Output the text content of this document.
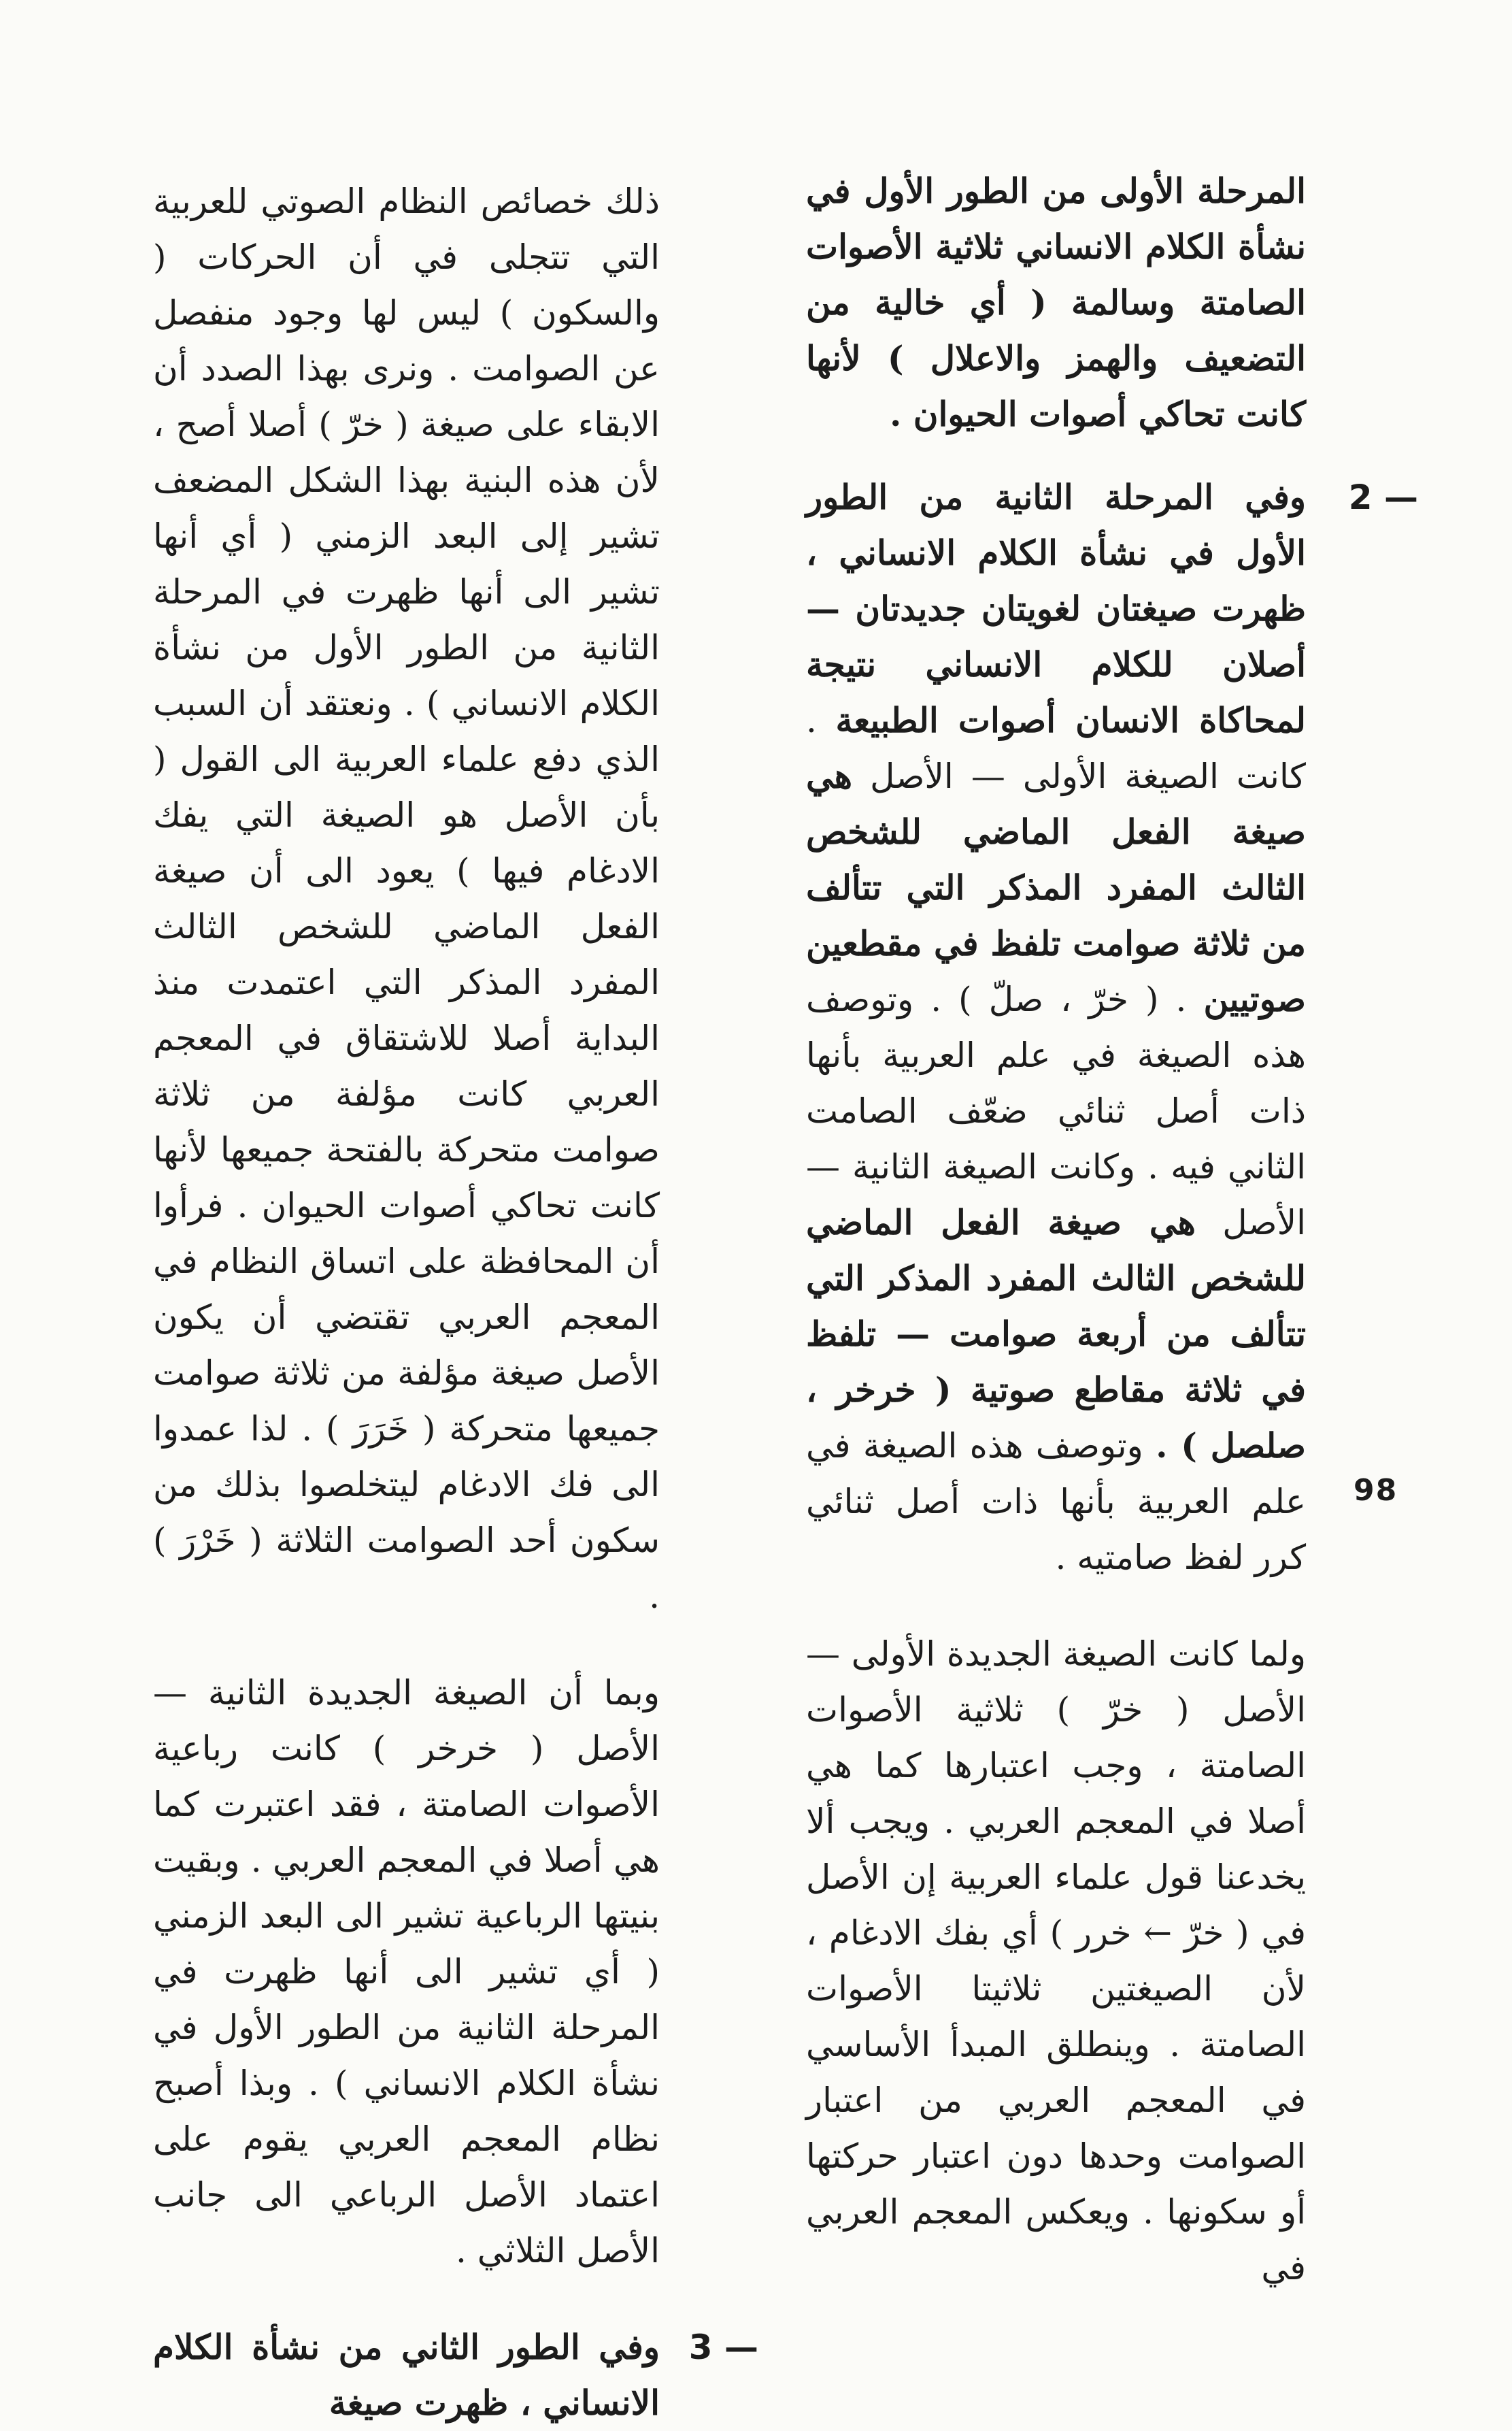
المرحلة الأولى من الطور الأول في نشأة الكلام الانساني ثلاثية الأصوات الصامتة وسالمة ( أي خالية من التضعيف والهمز والاعلال ) لأنها كانت تحاكي أصوات الحيوان .

2 —

وفي المرحلة الثانية من الطور الأول في نشأة الكلام الانساني ، ظهرت صيغتان لغويتان جديدتان — أصلان للكلام الانساني نتيجة لمحاكاة الانسان أصوات الطبيعة . كانت الصيغة الأولى — الأصل هي صيغة الفعل الماضي للشخص الثالث المفرد المذكر التي تتألف من ثلاثة صوامت تلفظ في مقطعين صوتيين . ( خرّ ، صلّ ) . وتوصف هذه الصيغة في علم العربية بأنها ذات أصل ثنائي ضعّف الصامت الثاني فيه . وكانت الصيغة الثانية — الأصل هي صيغة الفعل الماضي للشخص الثالث المفرد المذكر التي تتألف من أربعة صوامت — تلفظ في ثلاثة مقاطع صوتية ( خرخر ، صلصل ) . وتوصف هذه الصيغة في علم العربية بأنها ذات أصل ثنائي كرر لفظ صامتيه .

ولما كانت الصيغة الجديدة الأولى — الأصل ( خرّ ) ثلاثية الأصوات الصامتة ، وجب اعتبارها كما هي أصلا في المعجم العربي . ويجب ألا يخدعنا قول علماء العربية إن الأصل في ( خرّ ← خرر ) أي بفك الادغام ، لأن الصيغتين ثلاثيتا الأصوات الصامتة . وينطلق المبدأ الأساسي في المعجم العربي من اعتبار الصوامت وحدها دون اعتبار حركتها أو سكونها . ويعكس المعجم العربي في

ذلك خصائص النظام الصوتي للعربية التي تتجلى في أن الحركات ( والسكون ) ليس لها وجود منفصل عن الصوامت . ونرى بهذا الصدد أن الابقاء على صيغة ( خرّ ) أصلا أصح ، لأن هذه البنية بهذا الشكل المضعف تشير إلى البعد الزمني ( أي أنها تشير الى أنها ظهرت في المرحلة الثانية من الطور الأول من نشأة الكلام الانساني ) . ونعتقد أن السبب الذي دفع علماء العربية الى القول ( بأن الأصل هو الصيغة التي يفك الادغام فيها ) يعود الى أن صيغة الفعل الماضي للشخص الثالث المفرد المذكر التي اعتمدت منذ البداية أصلا للاشتقاق في المعجم العربي كانت مؤلفة من ثلاثة صوامت متحركة بالفتحة جميعها لأنها كانت تحاكي أصوات الحيوان . فرأوا أن المحافظة على اتساق النظام في المعجم العربي تقتضي أن يكون الأصل صيغة مؤلفة من ثلاثة صوامت جميعها متحركة ( خَرَرَ ) . لذا عمدوا الى فك الادغام ليتخلصوا بذلك من سكون أحد الصوامت الثلاثة ( خَرْرَ ) .

وبما أن الصيغة الجديدة الثانية — الأصل ( خرخر ) كانت رباعية الأصوات الصامتة ، فقد اعتبرت كما هي أصلا في المعجم العربي . وبقيت بنيتها الرباعية تشير الى البعد الزمني ( أي تشير الى أنها ظهرت في المرحلة الثانية من الطور الأول في نشأة الكلام الانساني ) . وبذا أصبح نظام المعجم العربي يقوم على اعتماد الأصل الرباعي الى جانب الأصل الثلاثي .

3 —

وفي الطور الثاني من نشأة الكلام الانساني ، ظهرت صيغة

98
